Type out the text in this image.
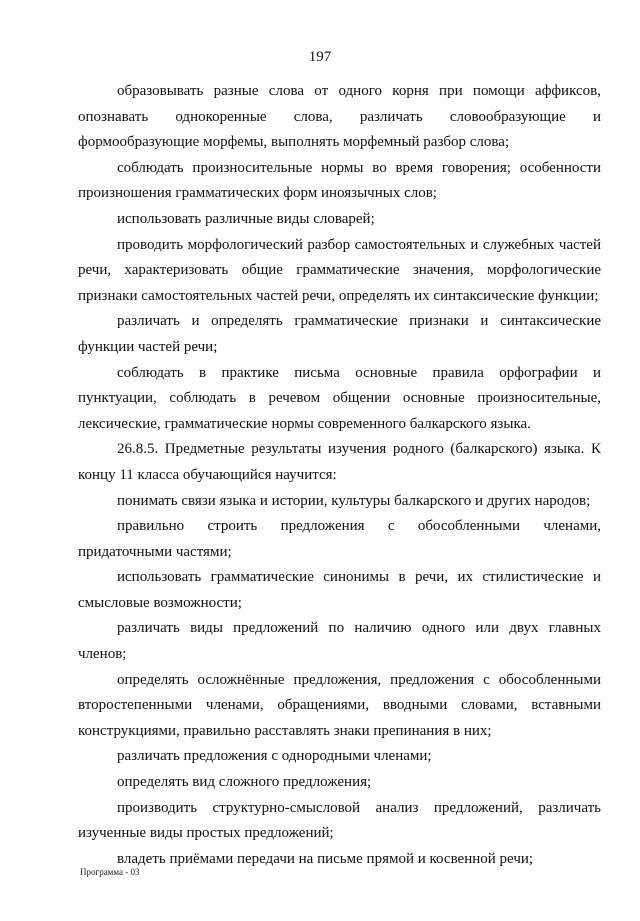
197

образовывать разные слова от одного корня при помощи аффиксов, опознавать однокоренные слова, различать словообразующие и формообразующие морфемы, выполнять морфемный разбор слова;

соблюдать произносительные нормы во время говорения; особенности произношения грамматических форм иноязычных слов;

использовать различные виды словарей;

проводить морфологический разбор самостоятельных и служебных частей речи, характеризовать общие грамматические значения, морфологические признаки самостоятельных частей речи, определять их синтаксические функции;

различать и определять грамматические признаки и синтаксические функции частей речи;

соблюдать в практике письма основные правила орфографии и пунктуации, соблюдать в речевом общении основные произносительные, лексические, грамматические нормы современного балкарского языка.

26.8.5. Предметные результаты изучения родного (балкарского) языка. К концу 11 класса обучающийся научится:

понимать связи языка и истории, культуры балкарского и других народов;

правильно строить предложения с обособленными членами, придаточными частями;

использовать грамматические синонимы в речи, их стилистические и смысловые возможности;

различать виды предложений по наличию одного или двух главных членов;

определять осложнённые предложения, предложения с обособленными второстепенными членами, обращениями, вводными словами, вставными конструкциями, правильно расставлять знаки препинания в них;

различать предложения с однородными членами;

определять вид сложного предложения;

производить структурно-смысловой анализ предложений, различать изученные виды простых предложений;

владеть приёмами передачи на письме прямой и косвенной речи;

Программа - 03
